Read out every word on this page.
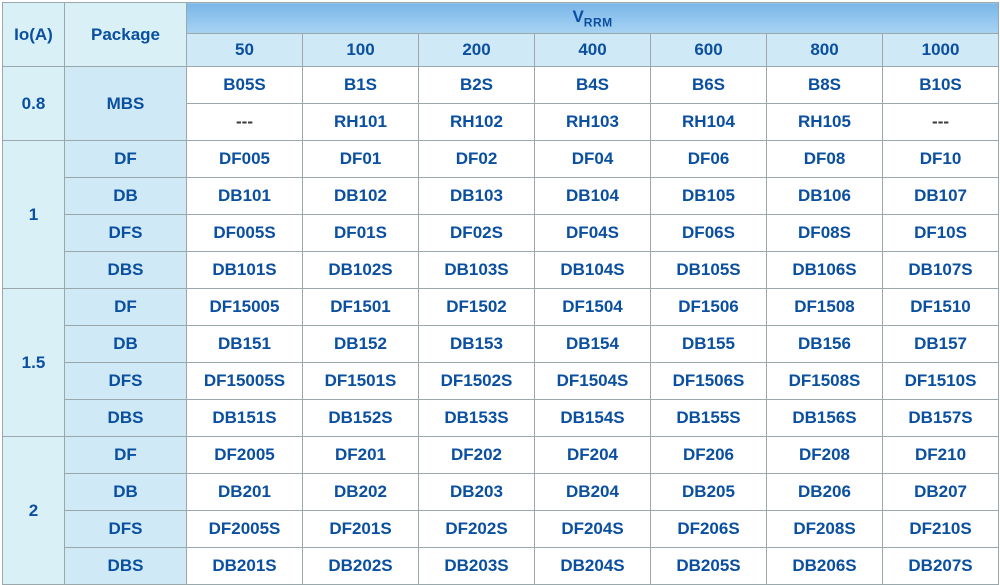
Io(A)	Package	$V_{RRM}$
		50	100	200	400	600	800	1000
0.8	MBS	B05S	B1S	B2S	B4S	B6S	B8S	B10S
		---	RH101	RH102	RH103	RH104	RH105	---
1	DF	DF005	DF01	DF02	DF04	DF06	DF08	DF10
	DB	DB101	DB102	DB103	DB104	DB105	DB106	DB107
	DFS	DF005S	DF01S	DF02S	DF04S	DF06S	DF08S	DF10S
	DBS	DB101S	DB102S	DB103S	DB104S	DB105S	DB106S	DB107S
1.5	DF	DF15005	DF1501	DF1502	DF1504	DF1506	DF1508	DF1510
	DB	DB151	DB152	DB153	DB154	DB155	DB156	DB157
	DFS	DF15005S	DF1501S	DF1502S	DF1504S	DF1506S	DF1508S	DF1510S
	DBS	DB151S	DB152S	DB153S	DB154S	DB155S	DB156S	DB157S
2	DF	DF2005	DF201	DF202	DF204	DF206	DF208	DF210
	DB	DB201	DB202	DB203	DB204	DB205	DB206	DB207
	DFS	DF2005S	DF201S	DF202S	DF204S	DF206S	DF208S	DF210S
	DBS	DB201S	DB202S	DB203S	DB204S	DB205S	DB206S	DB207S
